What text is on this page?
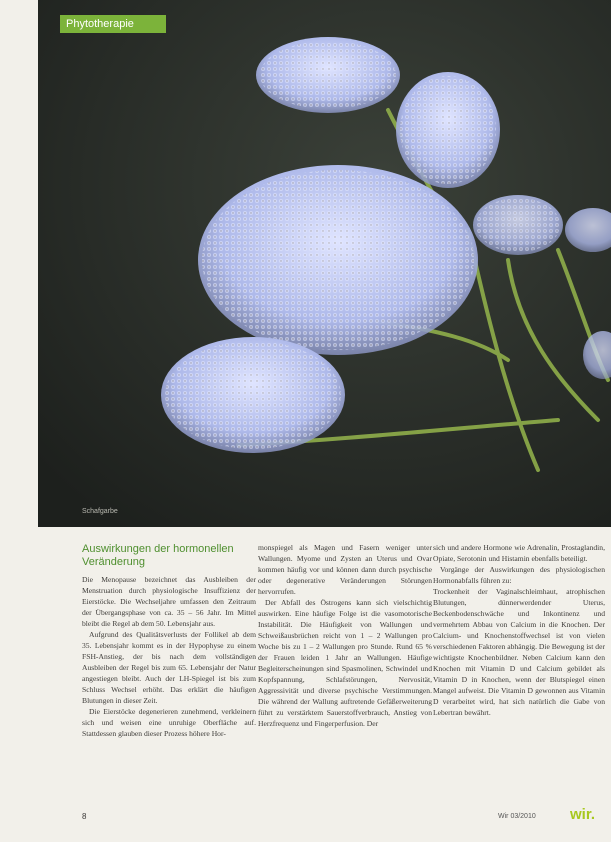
Phytotherapie
Schafgarbe
Auswirkungen der hormonellen Veränderung

Die Menopause bezeichnet das Ausbleiben der Menstruation durch physiologische Insuffizienz der Eierstöcke. Die Wechseljahre umfassen den Zeitraum der Übergangsphase von ca. 35 – 56 Jahr. Im Mittel bleibt die Regel ab dem 50. Lebensjahr aus.

Aufgrund des Qualitätsverlusts der Follikel ab dem 35. Lebensjahr kommt es in der Hypophyse zu einem FSH-Anstieg, der bis nach dem vollständigen Ausbleiben der Regel bis zum 65. Lebensjahr der Natur angestiegen bleibt. Auch der LH-Spiegel ist bis zum Schluss Wechsel erhöht. Das erklärt die häufigen Blutungen in dieser Zeit.

Die Eierstöcke degenerieren zunehmend, verkleinern sich und weisen eine unruhige Oberfläche auf. Stattdessen glauben dieser Prozess höhere Hor-

monspiegel als Magen und Fasern weniger unter Wallungen. Myome und Zysten an Uterus und Ovar kommen häufig vor und können dann durch psychische oder degenerative Veränderungen Störungen hervorrufen.

Der Abfall des Östrogens kann sich vielschichtig auswirken. Eine häufige Folge ist die vasomotorische Instabilität. Die Häufigkeit von Wallungen und Schweißausbrüchen reicht von 1 – 2 Wallungen pro Woche bis zu 1 – 2 Wallungen pro Stunde. Rund 65 % der Frauen leiden 1 Jahr an Wallungen. Häufige Begleiterscheinungen sind Spasmolinen, Schwindel und Kopfspannung, Schlafstörungen, Nervosität, Aggressivität und diverse psychische Verstimmungen. Die während der Wallung auftretende Gefäßerweiterung führt zu verstärktem Sauerstoffverbrauch, Anstieg von Herzfrequenz und Fingerperfusion. Der

sich und andere Hormone wie Adrenalin, Prostaglandin, Opiate, Serotonin und Histamin ebenfalls beteiligt.

Vorgänge der Auswirkungen des physiologischen Hormonabfalls führen zu:

Trockenheit der Vaginalschleimhaut, atrophischen Blutungen, dünnerwerdender Uterus, Beckenbodenschwäche und Inkontinenz und vermehrtem Abbau von Calcium in die Knochen. Der Calcium- und Knochenstoffwechsel ist von vielen verschiedenen Faktoren abhängig. Die Bewegung ist der wichtigste Knochenbildner. Neben Calcium kann den Knochen mit Vitamin D und Calcium gebildet als Vitamin D in Knochen, wenn der Blutspiegel einen Mangel aufweist. Die Vitamin D gewonnen aus Vitamin D verarbeitet wird, hat sich natürlich die Gabe von Lebertran bewährt.

8	Wir 03/2010 wir.
